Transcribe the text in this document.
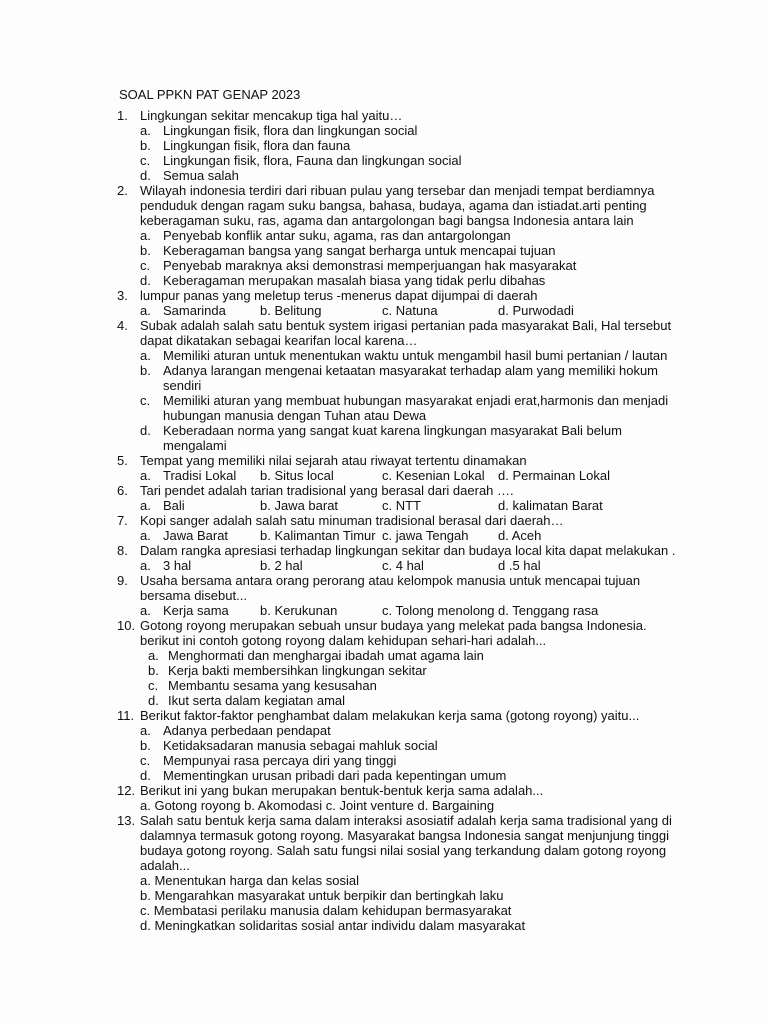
SOAL PPKN PAT GENAP 2023
1. Lingkungan sekitar mencakup tiga hal yaitu…
a. Lingkungan fisik, flora dan lingkungan social
b. Lingkungan fisik, flora dan fauna
c. Lingkungan fisik, flora, Fauna dan lingkungan social
d. Semua salah
2. Wilayah indonesia terdiri dari ribuan pulau yang tersebar dan menjadi tempat berdiamnya penduduk dengan ragam suku bangsa, bahasa, budaya, agama dan istiadat.arti penting keberagaman suku, ras, agama dan antargolongan bagi bangsa Indonesia antara lain
a. Penyebab konflik antar suku, agama, ras dan antargolongan
b. Keberagaman bangsa yang sangat berharga untuk mencapai tujuan
c. Penyebab maraknya aksi demonstrasi memperjuangan hak masyarakat
d. Keberagaman merupakan masalah biasa yang tidak perlu dibahas
3. lumpur panas yang meletup terus -menerus dapat dijumpai di daerah
a. Samarinda	b. Belitung	c. Natuna	d. Purwodadi
4. Subak adalah salah satu bentuk system irigasi pertanian pada masyarakat Bali, Hal tersebut dapat dikatakan sebagai kearifan local karena…
a. Memiliki aturan untuk menentukan waktu untuk mengambil hasil bumi pertanian / lautan
b. Adanya larangan mengenai ketaatan masyarakat terhadap alam yang memiliki hokum sendiri
c. Memiliki aturan yang membuat hubungan masyarakat enjadi erat,harmonis dan menjadi hubungan manusia dengan Tuhan atau Dewa
d. Keberadaan norma yang sangat kuat karena lingkungan masyarakat Bali belum mengalami
5. Tempat yang memiliki nilai sejarah atau riwayat tertentu dinamakan
a. Tradisi Lokal b. Situs local	c. Kesenian Lokal d. Permainan Lokal
6. Tari pendet adalah tarian tradisional yang berasal dari daerah ….
a. Bali	b. Jawa barat	c. NTT	d. kalimatan Barat
7. Kopi sanger adalah salah satu minuman tradisional berasal dari daerah…
a. Jawa Barat b. Kalimantan Timur c. jawa Tengah d. Aceh
8. Dalam rangka apresiasi terhadap lingkungan sekitar dan budaya local kita dapat melakukan .
a. 3 hal	b. 2 hal	c. 4 hal	d .5 hal
9. Usaha bersama antara orang perorang atau kelompok manusia untuk mencapai tujuan bersama disebut...
a. Kerja sama b. Kerukunan	c. Tolong menolong d. Tenggang rasa
10. Gotong royong merupakan sebuah unsur budaya yang melekat pada bangsa Indonesia. berikut ini contoh gotong royong dalam kehidupan sehari-hari adalah...
a. Menghormati dan menghargai ibadah umat agama lain
b. Kerja bakti membersihkan lingkungan sekitar
c. Membantu sesama yang kesusahan
d. Ikut serta dalam kegiatan amal
11. Berikut faktor-faktor penghambat dalam melakukan kerja sama (gotong royong) yaitu...
a. Adanya perbedaan pendapat
b. Ketidaksadaran manusia sebagai mahluk social
c. Mempunyai rasa percaya diri yang tinggi
d. Mementingkan urusan pribadi dari pada kepentingan umum
12. Berikut ini yang bukan merupakan bentuk-bentuk kerja sama adalah...
a. Gotong royong b. Akomodasi c. Joint venture d. Bargaining
13. Salah satu bentuk kerja sama dalam interaksi asosiatif adalah kerja sama tradisional yang di dalamnya termasuk gotong royong. Masyarakat bangsa Indonesia sangat menjunjung tinggi budaya gotong royong. Salah satu fungsi nilai sosial yang terkandung dalam gotong royong adalah...
a. Menentukan harga dan kelas sosial
b. Mengarahkan masyarakat untuk berpikir dan bertingkah laku
c. Membatasi perilaku manusia dalam kehidupan bermasyarakat
d. Meningkatkan solidaritas sosial antar individu dalam masyarakat
